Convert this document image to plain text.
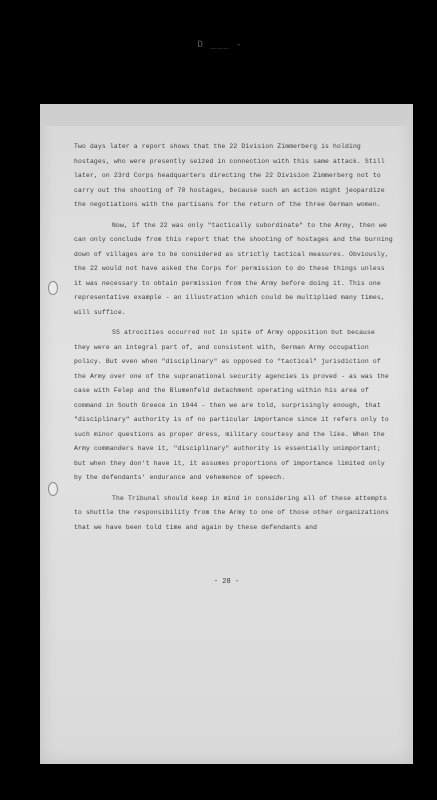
D ___ -

Two days later a report shows that the 22 Division Zimmerberg is holding hostages, who were presently seized in connection with this same attack. Still later, on 23rd Corps headquarters directing the 22 Division Zimmerberg not to carry out the shooting of 70 hostages, because such an action might jeopardize the negotiations with the partisans for the return of the three German women.

Now, if the 22 was only "tactically subordinate" to the Army, then we can only conclude from this report that the shooting of hostages and the burning down of villages are to be considered as strictly tactical measures. Obviously, the 22 would not have asked the Corps for permission to do these things unless it was necessary to obtain permission from the Army before doing it. This one representative example - an illustration which could be multiplied many times, will suffice.

SS atrocities occurred not in spite of Army opposition but because they were an integral part of, and consistent with, German Army occupation policy. But even when "disciplinary" as opposed to "tactical" jurisdiction of the Army over one of the supranational security agencies is proved - as was the case with Felep and the Blumenfeld detachment operating within his area of command in South Greece in 1944 - then we are told, surprisingly enough, that "disciplinary" authority is of no particular importance since it refers only to such minor questions as proper dress, military courtesy and the like. When the Army commanders have it, "disciplinary" authority is essentially unimportant; but when they don't have it, it assumes proportions of importance limited only by the defendants' endurance and vehemence of speech.

The Tribunal should keep in mind in considering all of these attempts to shuttle the responsibility from the Army to one of those other organizations that we have been told time and again by these defendants and

- 28 -
